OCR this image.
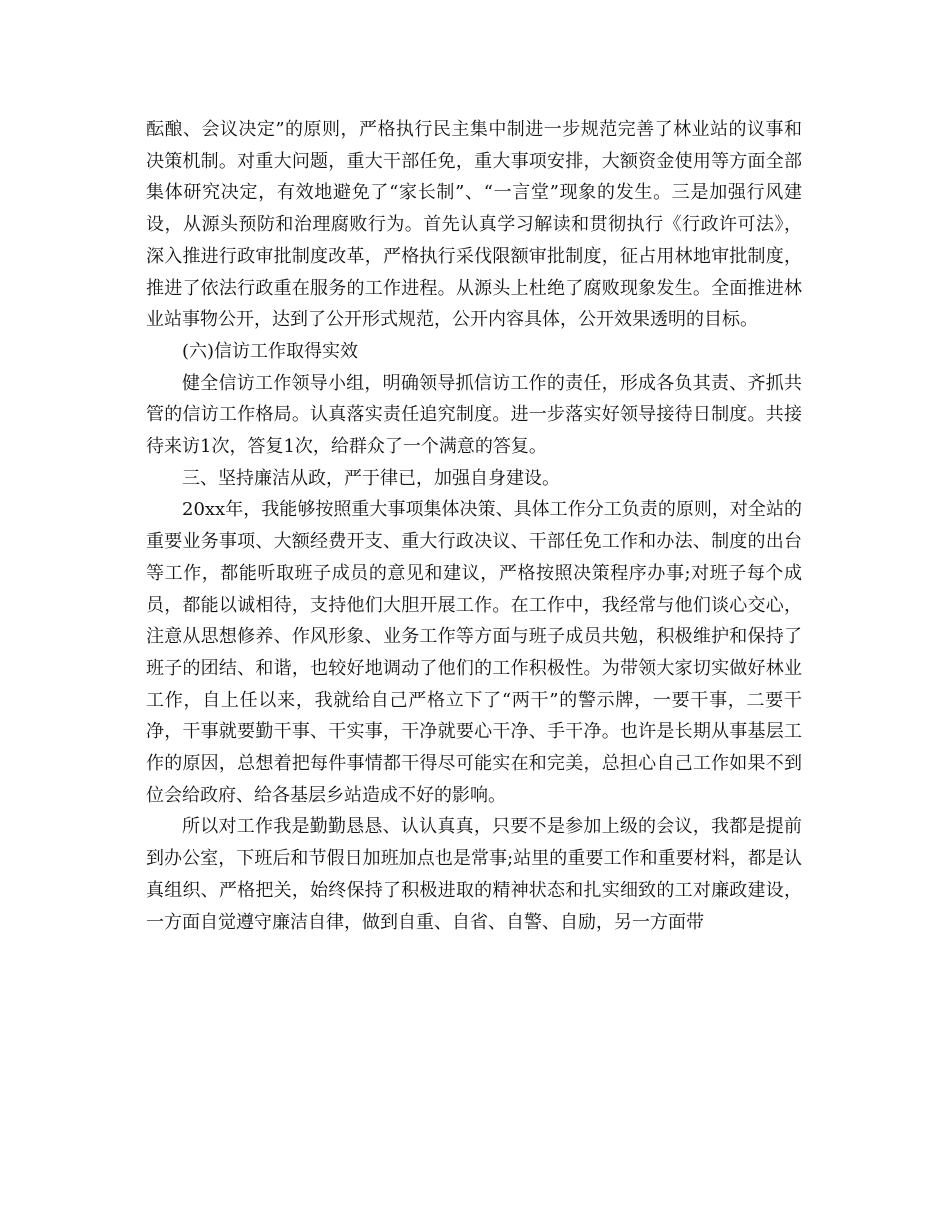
酝酿、会议决定”的原则，严格执行民主集中制进一步规范完善了林业站的议事和决策机制。对重大问题，重大干部任免，重大事项安排，大额资金使用等方面全部集体研究决定，有效地避免了“家长制”、“一言堂”现象的发生。三是加强行风建设，从源头预防和治理腐败行为。首先认真学习解读和贯彻执行《行政许可法》，深入推进行政审批制度改革，严格执行采伐限额审批制度，征占用林地审批制度，推进了依法行政重在服务的工作进程。从源头上杜绝了腐败现象发生。全面推进林业站事物公开，达到了公开形式规范，公开内容具体，公开效果透明的目标。

(六)信访工作取得实效

健全信访工作领导小组，明确领导抓信访工作的责任，形成各负其责、齐抓共管的信访工作格局。认真落实责任追究制度。进一步落实好领导接待日制度。共接待来访1次，答复1次，给群众了一个满意的答复。

三、坚持廉洁从政，严于律已，加强自身建设。

20xx年，我能够按照重大事项集体决策、具体工作分工负责的原则，对全站的重要业务事项、大额经费开支、重大行政决议、干部任免工作和办法、制度的出台等工作，都能听取班子成员的意见和建议，严格按照决策程序办事;对班子每个成员，都能以诚相待，支持他们大胆开展工作。在工作中，我经常与他们谈心交心，注意从思想修养、作风形象、业务工作等方面与班子成员共勉，积极维护和保持了班子的团结、和谐，也较好地调动了他们的工作积极性。为带领大家切实做好林业工作，自上任以来，我就给自己严格立下了“两干”的警示牌，一要干事，二要干净，干事就要勤干事、干实事，干净就要心干净、手干净。也许是长期从事基层工作的原因，总想着把每件事情都干得尽可能实在和完美，总担心自己工作如果不到位会给政府、给各基层乡站造成不好的影响。

所以对工作我是勤勤恳恳、认认真真，只要不是参加上级的会议，我都是提前到办公室，下班后和节假日加班加点也是常事;站里的重要工作和重要材料，都是认真组织、严格把关，始终保持了积极进取的精神状态和扎实细致的工对廉政建设，一方面自觉遵守廉洁自律，做到自重、自省、自警、自励，另一方面带
